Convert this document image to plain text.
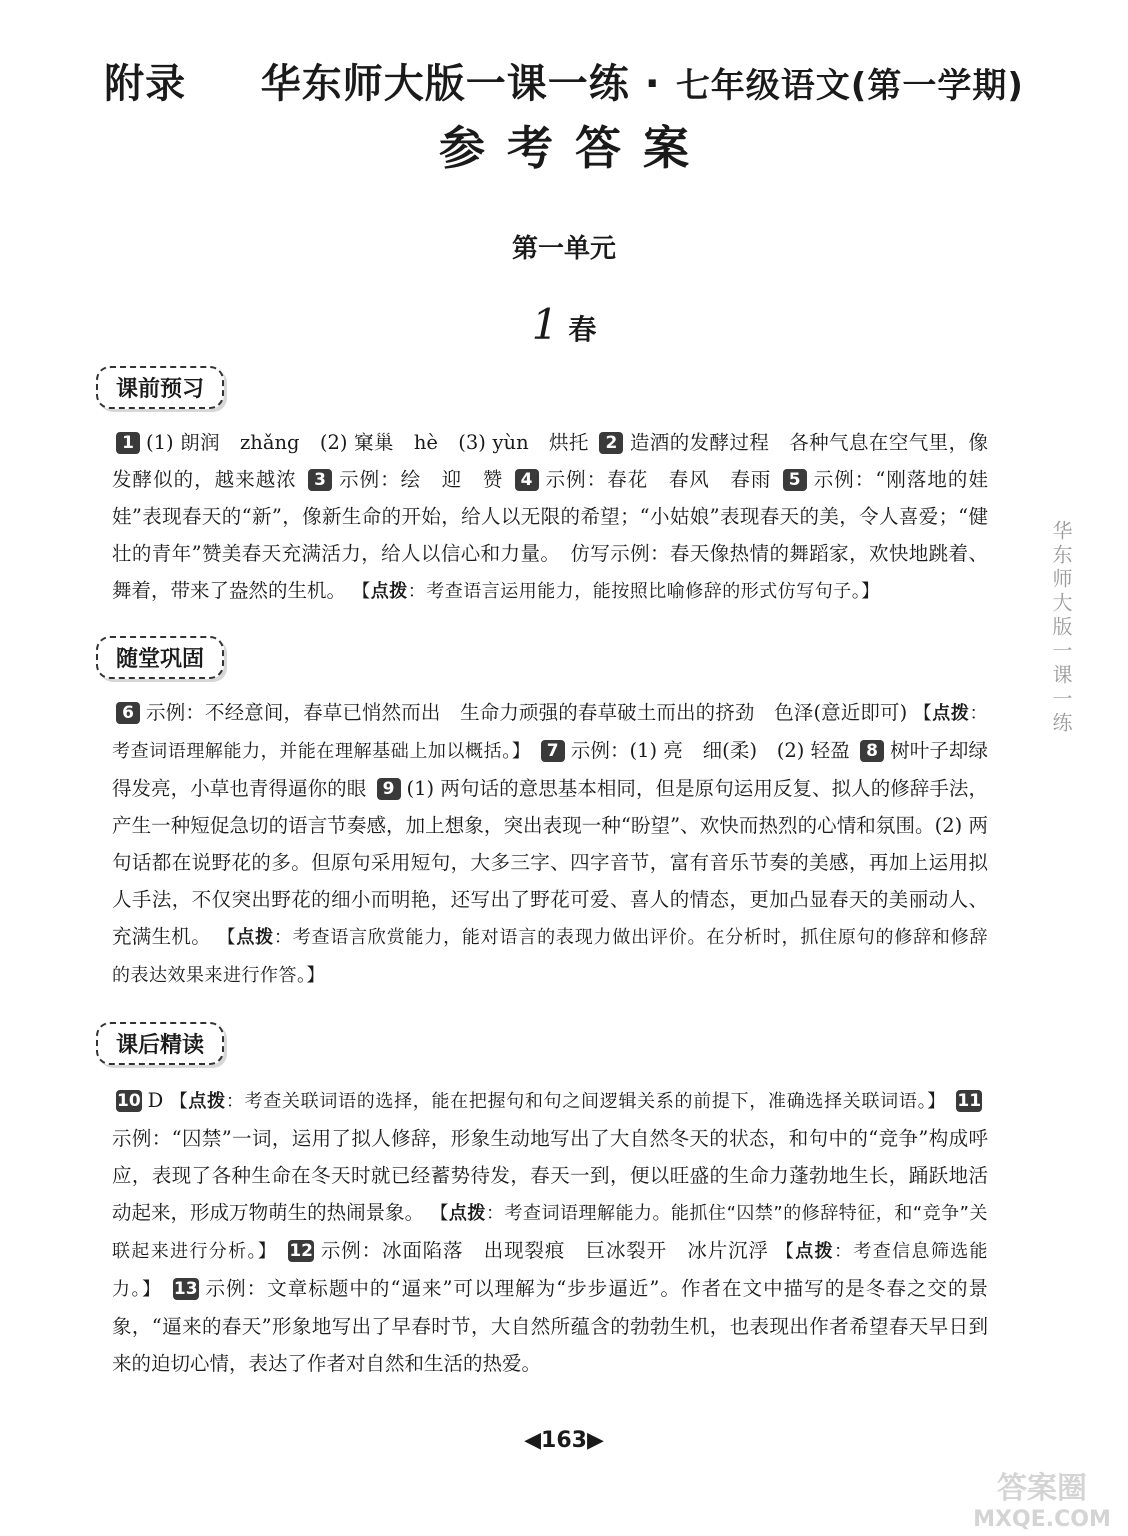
附录 华东师大版一课一练 · 七年级语文(第一学期)
参考答案
第一单元
1 春
课前预习
1 (1) 朗润　zhǎng　(2) 窠巢　hè　(3) yùn　烘托 2 造酒的发酵过程　各种气息在空气里，像发酵似的，越来越浓 3 示例：绘　迎　赞 4 示例：春花　春风　春雨 5 示例：“刚落地的娃娃”表现春天的“新”，像新生命的开始，给人以无限的希望；“小姑娘”表现春天的美，令人喜爱；“健壮的青年”赞美春天充满活力，给人以信心和力量。　仿写示例：春天像热情的舞蹈家，欢快地跳着、舞着，带来了盎然的生机。 【点拨：考查语言运用能力，能按照比喻修辞的形式仿写句子。】
随堂巩固
6 示例：不经意间，春草已悄然而出　生命力顽强的春草破土而出的挤劲　色泽(意近即可) 【点拨：考查词语理解能力，并能在理解基础上加以概括。】 7 示例：(1) 亮　细(柔)　(2) 轻盈 8 树叶子却绿得发亮，小草也青得逼你的眼 9 (1) 两句话的意思基本相同，但是原句运用反复、拟人的修辞手法，产生一种短促急切的语言节奏感，加上想象，突出表现一种“盼望”、欢快而热烈的心情和氛围。(2) 两句话都在说野花的多。但原句采用短句，大多三字、四字音节，富有音乐节奏的美感，再加上运用拟人手法，不仅突出野花的细小而明艳，还写出了野花可爱、喜人的情态，更加凸显春天的美丽动人、充满生机。 【点拨：考查语言欣赏能力，能对语言的表现力做出评价。在分析时，抓住原句的修辞和修辞的表达效果来进行作答。】
课后精读
10 D 【点拨：考查关联词语的选择，能在把握句和句之间逻辑关系的前提下，准确选择关联词语。】 11示例：“囚禁”一词，运用了拟人修辞，形象生动地写出了大自然冬天的状态，和句中的“竞争”构成呼应，表现了各种生命在冬天时就已经蓄势待发，春天一到，便以旺盛的生命力蓬勃地生长，踊跃地活动起来，形成万物萌生的热闹景象。 【点拨：考查词语理解能力。能抓住“囚禁”的修辞特征，和“竞争”关联起来进行分析。】 12 示例：冰面陷落　出现裂痕　巨冰裂开　冰片沉浮 【点拨：考查信息筛选能力。】 13 示例：文章标题中的“逼来”可以理解为“步步逼近”。作者在文中描写的是冬春之交的景象，“逼来的春天”形象地写出了早春时节，大自然所蕴含的勃勃生机，也表现出作者希望春天早日到来的迫切心情，表达了作者对自然和生活的热爱。
◀163▶
华东师大版一课一练
答案圈
MXQE.COM
